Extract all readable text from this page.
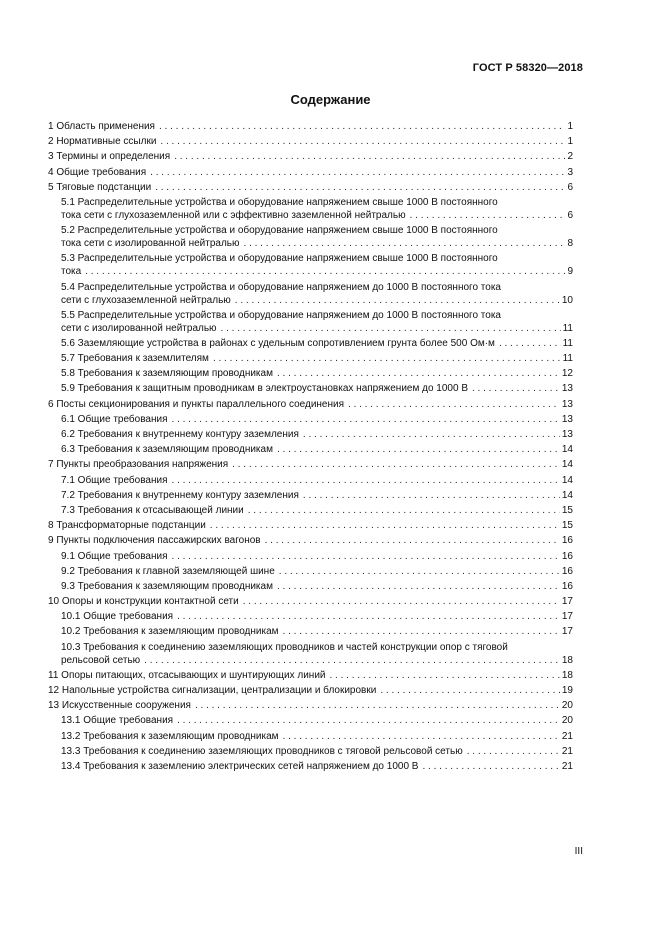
ГОСТ Р 58320—2018
Содержание
1 Область применения . . .	1
2 Нормативные ссылки . . .	1
3 Термины и определения . . .	2
4 Общие требования . . .	3
5 Тяговые подстанции . . .	6
5.1 Распределительные устройства и оборудование напряжением свыше 1000 В постоянного
тока сети с глухозаземленной или с эффективно заземленной нейтралью . . .	6
5.2 Распределительные устройства и оборудование напряжением свыше 1000 В постоянного
тока сети с изолированной нейтралью . . .	8
5.3 Распределительные устройства и оборудование напряжением свыше 1000 В постоянного
тока . . .	9
5.4 Распределительные устройства и оборудование напряжением до 1000 В постоянного тока
сети с глухозаземленной нейтралью . . .	10
5.5 Распределительные устройства и оборудование напряжением до 1000 В постоянного тока
сети с изолированной нейтралью . . .	11
5.6 Заземляющие устройства в районах с удельным сопротивлением грунта более 500 Ом·м . . .	11
5.7 Требования к заземлителям . . .	11
5.8 Требования к заземляющим проводникам . . .	12
5.9 Требования к защитным проводникам в электроустановках напряжением до 1000 В . . .	13
6 Посты секционирования и пункты параллельного соединения . . .	13
6.1 Общие требования . . .	13
6.2 Требования к внутреннему контуру заземления . . .	13
6.3 Требования к заземляющим проводникам . . .	14
7 Пункты преобразования напряжения . . .	14
7.1 Общие требования . . .	14
7.2 Требования к внутреннему контуру заземления . . .	14
7.3 Требования к отсасывающей линии . . .	15
8 Трансформаторные подстанции . . .	15
9 Пункты подключения пассажирских вагонов . . .	16
9.1 Общие требования . . .	16
9.2 Требования к главной заземляющей шине . . .	16
9.3 Требования к заземляющим проводникам . . .	16
10 Опоры и конструкции контактной сети . . .	17
10.1 Общие требования . . .	17
10.2 Требования к заземляющим проводникам . . .	17
10.3 Требования к соединению заземляющих проводников и частей конструкции опор с тяговой
рельсовой сетью . . .	18
11 Опоры питающих, отсасывающих и шунтирующих линий . . .	18
12 Напольные устройства сигнализации, централизации и блокировки . . .	19
13 Искусственные сооружения . . .	20
13.1 Общие требования . . .	20
13.2 Требования к заземляющим проводникам . . .	21
13.3 Требования к соединению заземляющих проводников с тяговой рельсовой сетью . . .	21
13.4 Требования к заземлению электрических сетей напряжением до 1000 В . . .	21
III
